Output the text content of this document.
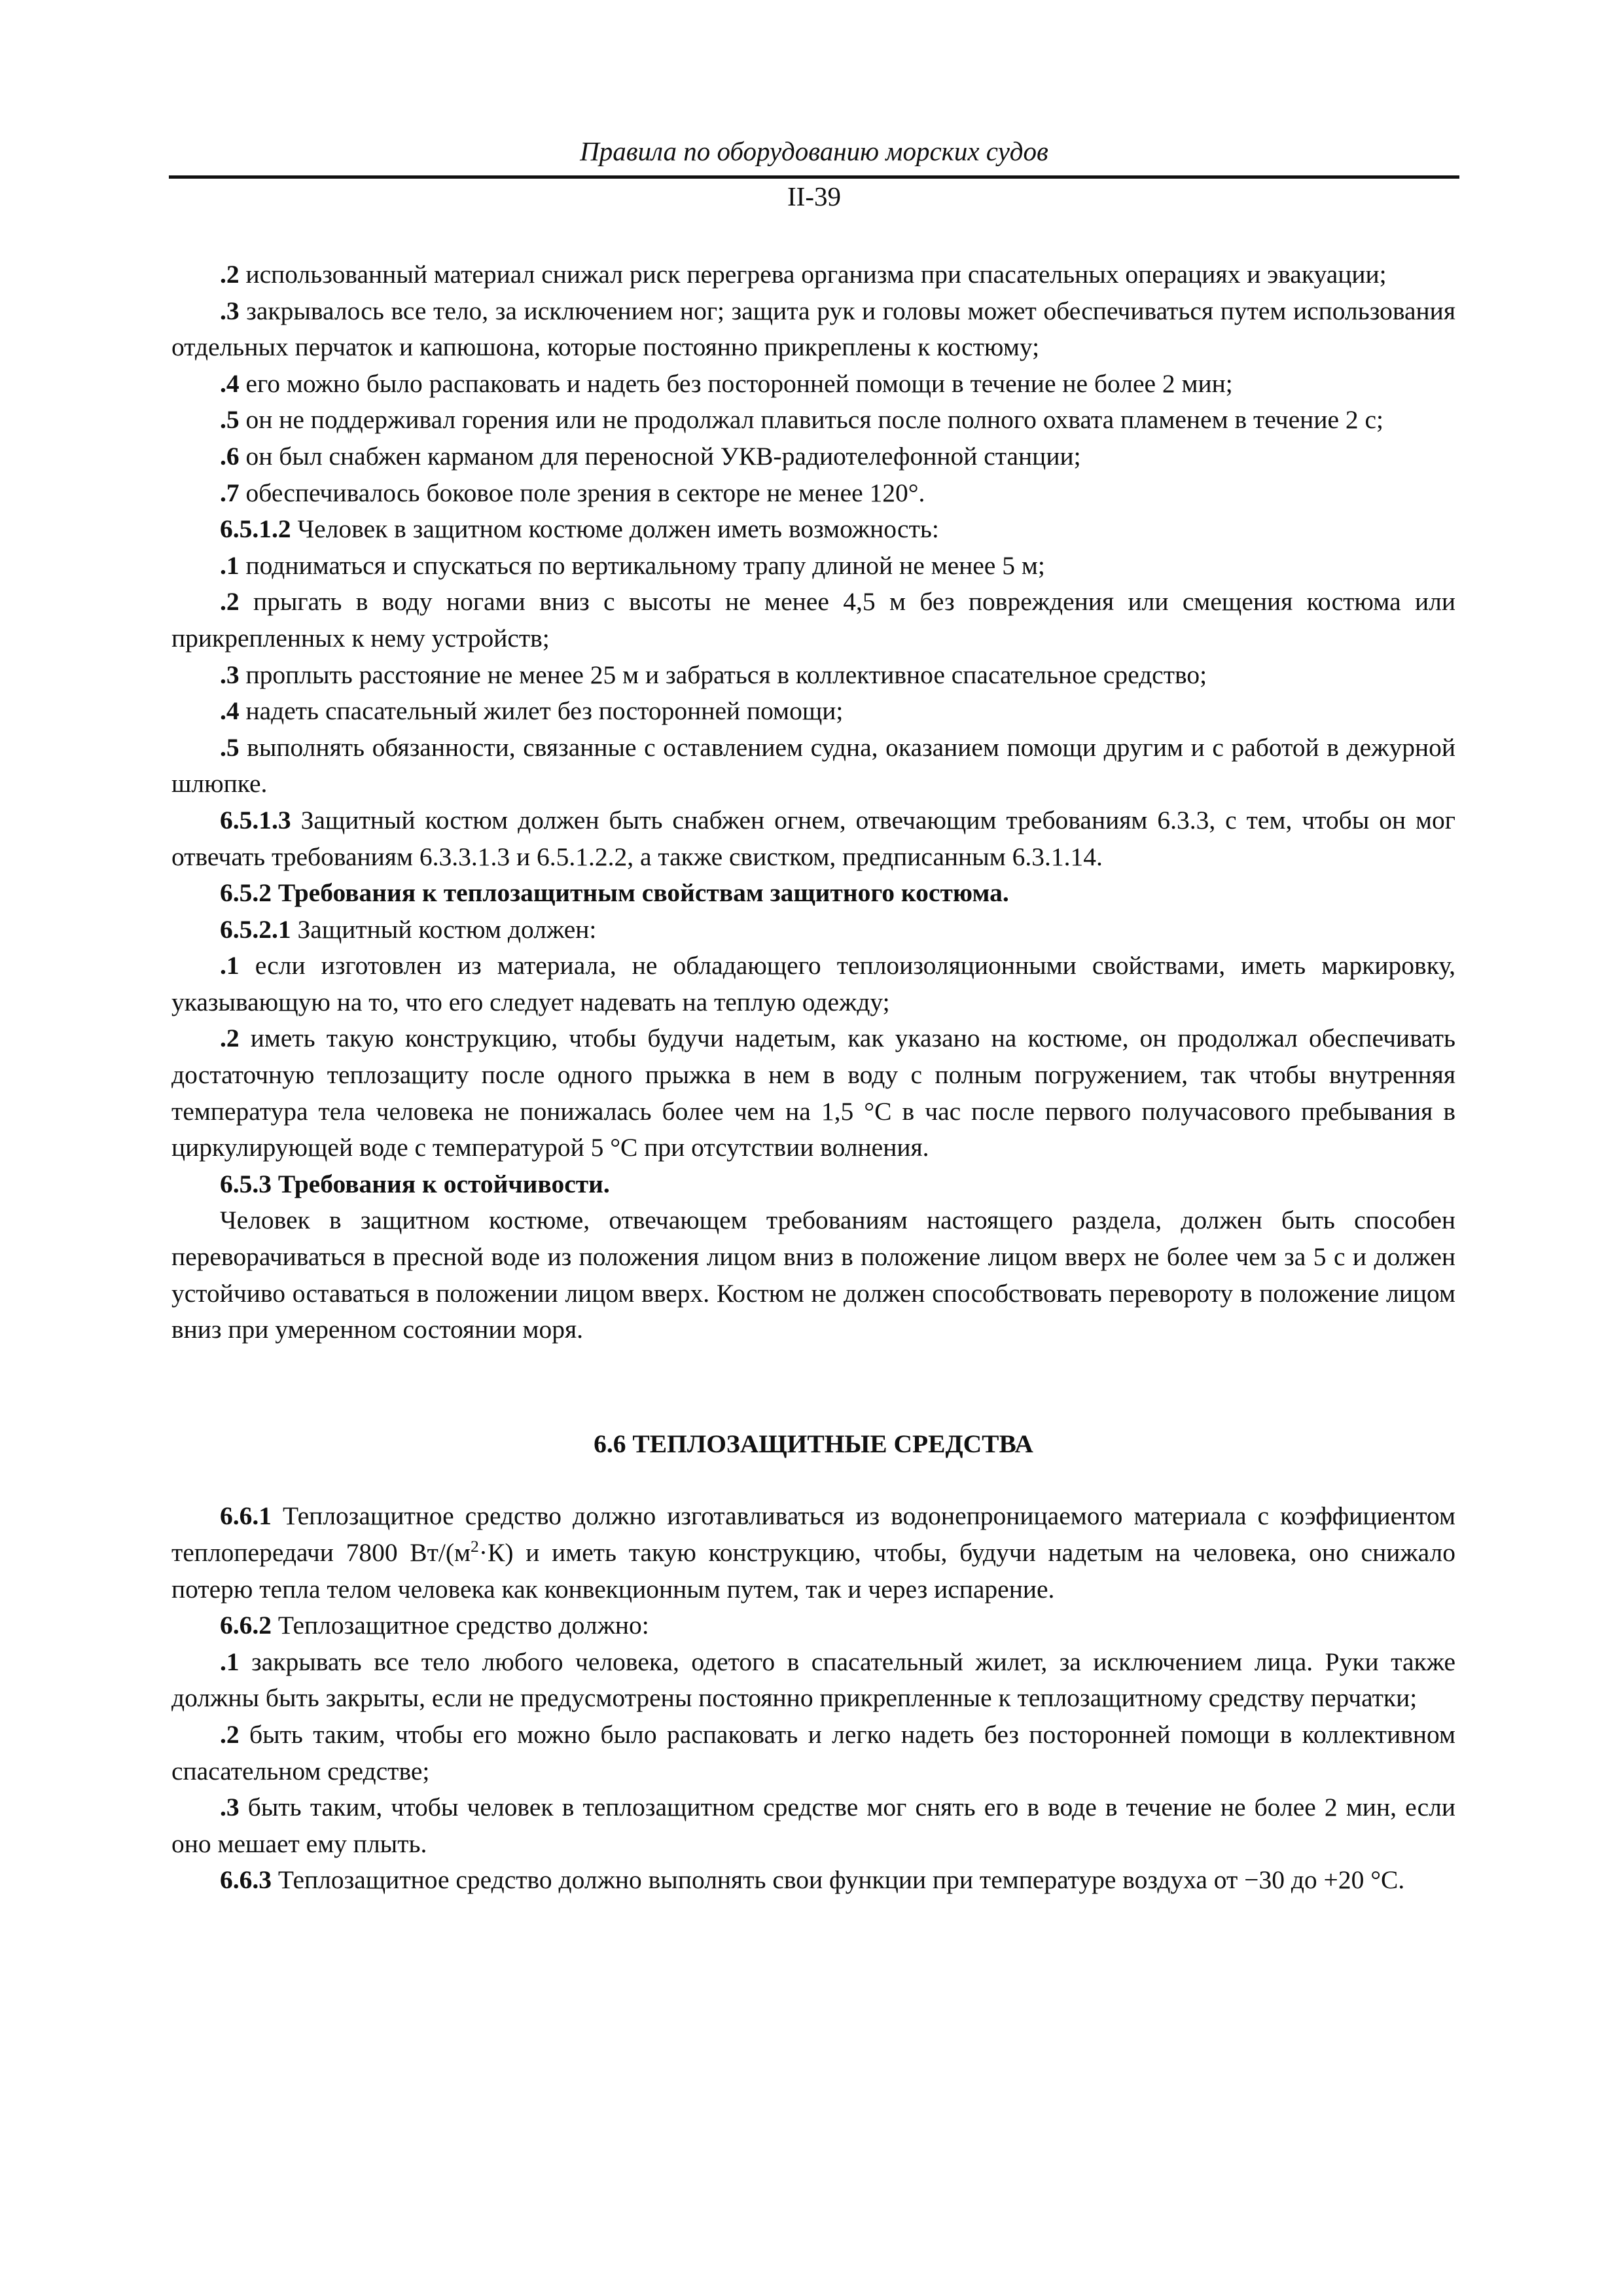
Правила по оборудованию морских судов
II-39

.2 использованный материал снижал риск перегрева организма при спасательных операциях и эвакуации;

.3 закрывалось все тело, за исключением ног; защита рук и головы может обеспечиваться путем использования отдельных перчаток и капюшона, которые постоянно прикреплены к костюму;

.4 его можно было распаковать и надеть без посторонней помощи в течение не более 2 мин;

.5 он не поддерживал горения или не продолжал плавиться после полного охвата пламенем в течение 2 с;

.6 он был снабжен карманом для переносной УКВ-радиотелефонной станции;

.7 обеспечивалось боковое поле зрения в секторе не менее 120°.

6.5.1.2 Человек в защитном костюме должен иметь возможность:

.1 подниматься и спускаться по вертикальному трапу длиной не менее 5 м;

.2 прыгать в воду ногами вниз с высоты не менее 4,5 м без повреждения или смещения костюма или прикрепленных к нему устройств;

.3 проплыть расстояние не менее 25 м и забраться в коллективное спасательное средство;

.4 надеть спасательный жилет без посторонней помощи;

.5 выполнять обязанности, связанные с оставлением судна, оказанием помощи другим и с работой в дежурной шлюпке.

6.5.1.3 Защитный костюм должен быть снабжен огнем, отвечающим требованиям 6.3.3, с тем, чтобы он мог отвечать требованиям 6.3.3.1.3 и 6.5.1.2.2, а также свистком, предписанным 6.3.1.14.

6.5.2 Требования к теплозащитным свойствам защитного костюма.

6.5.2.1 Защитный костюм должен:

.1 если изготовлен из материала, не обладающего теплоизоляционными свойствами, иметь маркировку, указывающую на то, что его следует надевать на теплую одежду;

.2 иметь такую конструкцию, чтобы будучи надетым, как указано на костюме, он продолжал обеспечивать достаточную теплозащиту после одного прыжка в нем в воду с полным погружением, так чтобы внутренняя температура тела человека не понижалась более чем на 1,5 °С в час после первого получасового пребывания в циркулирующей воде с температурой 5 °С при отсутствии волнения.

6.5.3 Требования к остойчивости.

Человек в защитном костюме, отвечающем требованиям настоящего раздела, должен быть способен переворачиваться в пресной воде из положения лицом вниз в положение лицом вверх не более чем за 5 с и должен устойчиво оставаться в положении лицом вверх. Костюм не должен способствовать перевороту в положение лицом вниз при умеренном состоянии моря.

6.6 ТЕПЛОЗАЩИТНЫЕ СРЕДСТВА

6.6.1 Теплозащитное средство должно изготавливаться из водонепроницаемого материала с коэффициентом теплопередачи 7800 $Вт/(м^2\cdot К)$ и иметь такую конструкцию, чтобы, будучи надетым на человека, оно снижало потерю тепла телом человека как конвекционным путем, так и через испарение.

6.6.2 Теплозащитное средство должно:

.1 закрывать все тело любого человека, одетого в спасательный жилет, за исключением лица. Руки также должны быть закрыты, если не предусмотрены постоянно прикрепленные к теплозащитному средству перчатки;

.2 быть таким, чтобы его можно было распаковать и легко надеть без посторонней помощи в коллективном спасательном средстве;

.3 быть таким, чтобы человек в теплозащитном средстве мог снять его в воде в течение не более 2 мин, если оно мешает ему плыть.

6.6.3 Теплозащитное средство должно выполнять свои функции при температуре воздуха от −30 до +20 °С.
